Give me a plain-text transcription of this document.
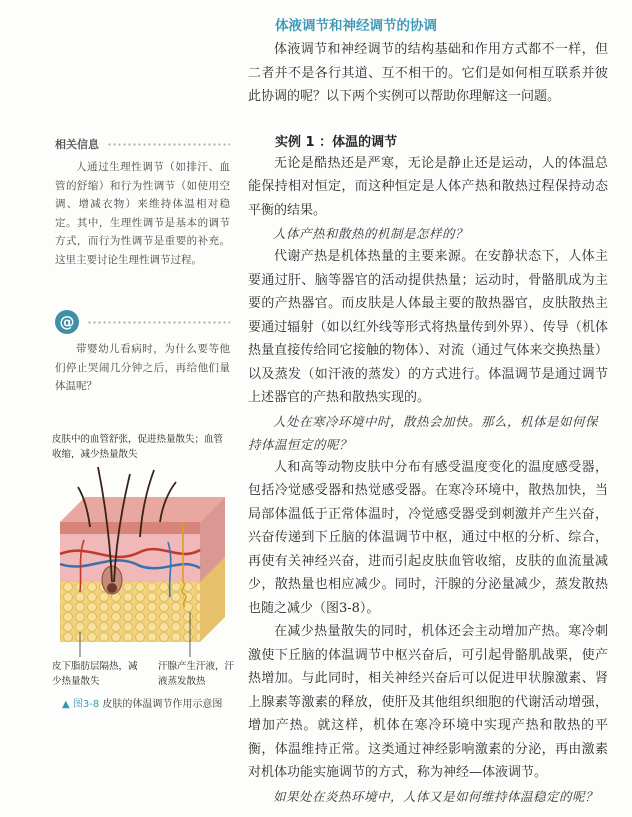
体液调节和神经调节的协调

体液调节和神经调节的结构基础和作用方式都不一样，但二者并不是各行其道、互不相干的。它们是如何相互联系并彼此协调的呢？以下两个实例可以帮助你理解这一问题。

实例 1 ：体温的调节

无论是酷热还是严寒，无论是静止还是运动，人的体温总能保持相对恒定，而这种恒定是人体产热和散热过程保持动态平衡的结果。

人体产热和散热的机制是怎样的？

代谢产热是机体热量的主要来源。在安静状态下，人体主要通过肝、脑等器官的活动提供热量；运动时，骨骼肌成为主要的产热器官。而皮肤是人体最主要的散热器官，皮肤散热主要通过辐射（如以红外线等形式将热量传到外界）、传导（机体热量直接传给同它接触的物体）、对流（通过气体来交换热量）以及蒸发（如汗液的蒸发）的方式进行。体温调节是通过调节上述器官的产热和散热实现的。

人处在寒冷环境中时，散热会加快。那么，机体是如何保持体温恒定的呢？

人和高等动物皮肤中分布有感受温度变化的温度感受器，包括冷觉感受器和热觉感受器。在寒冷环境中，散热加快，当局部体温低于正常体温时，冷觉感受器受到刺激并产生兴奋，兴奋传递到下丘脑的体温调节中枢，通过中枢的分析、综合，再使有关神经兴奋，进而引起皮肤血管收缩，皮肤的血流量减少，散热量也相应减少。同时，汗腺的分泌量减少，蒸发散热也随之减少（图3-8）。

在减少热量散失的同时，机体还会主动增加产热。寒冷刺激使下丘脑的体温调节中枢兴奋后，可引起骨骼肌战栗，使产热增加。与此同时，相关神经兴奋后可以促进甲状腺激素、肾上腺素等激素的释放，使肝及其他组织细胞的代谢活动增强，增加产热。就这样，机体在寒冷环境中实现产热和散热的平衡，体温维持正常。这类通过神经影响激素的分泌，再由激素对机体功能实施调节的方式，称为神经—体液调节。

如果处在炎热环境中，人体又是如何维持体温稳定的呢？

相关信息

人通过生理性调节（如排汗、血管的舒缩）和行为性调节（如使用空调、增减衣物）来维持体温相对稳定。其中，生理性调节是基本的调节方式，而行为性调节是重要的补充。这里主要讨论生理性调节过程。

@

带婴幼儿看病时，为什么要等他们停止哭闹几分钟之后，再给他们量体温呢？

皮肤中的血管舒张，促进热量散失；血管收缩，减少热量散失
皮下脂肪层隔热，减少热量散失
汗腺产生汗液，汗液蒸发散热
▲ 图3-8 皮肤的体温调节作用示意图
